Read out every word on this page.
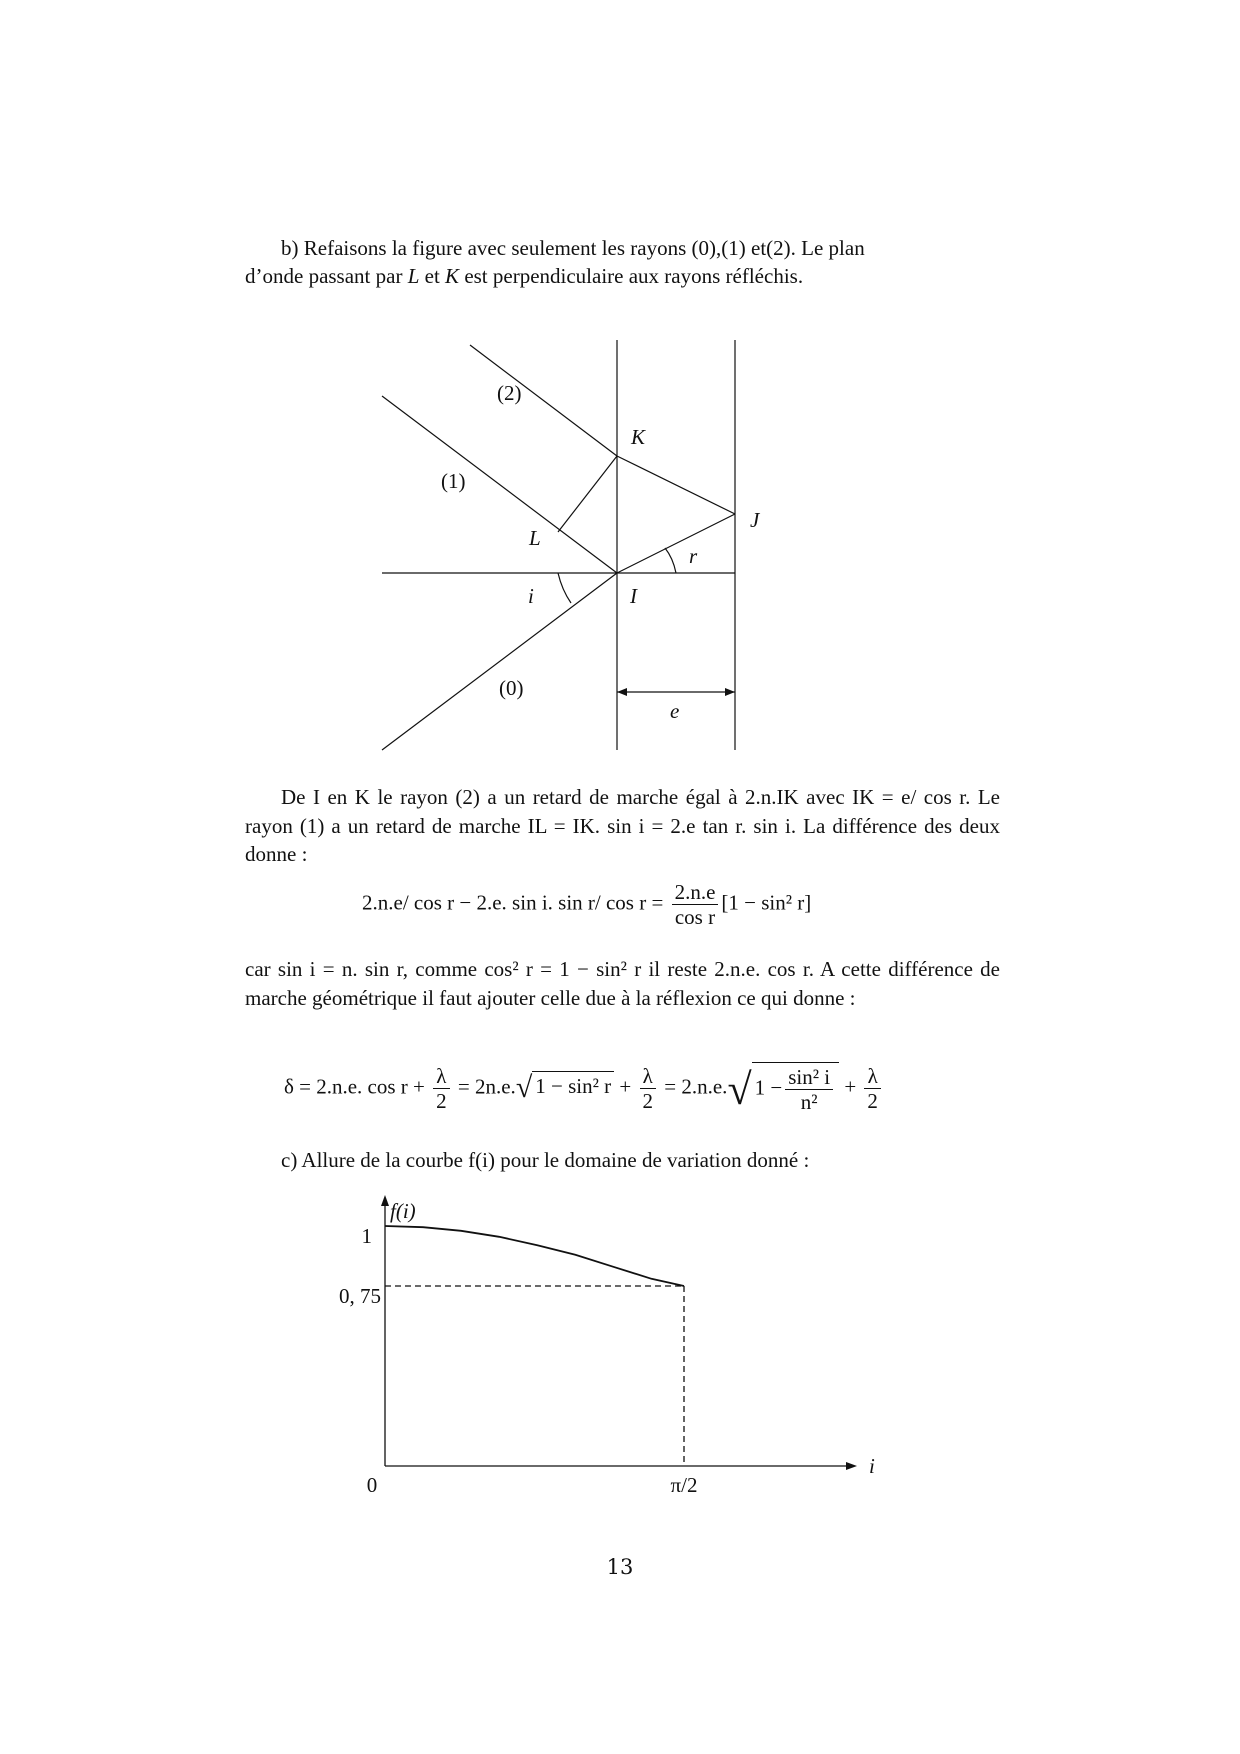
b) Refaisons la figure avec seulement les rayons (0),(1) et(2). Le plan
d’onde passant par L et K est perpendiculaire aux rayons réfléchis.
(2)
(1)
(0)
K
J
L
I
i
r
e
De I en K le rayon (2) a un retard de marche égal à 2.n.IK avec IK = e/ cos r. Le rayon (1) a un retard de marche IL = IK. sin i = 2.e tan r. sin i. La différence des deux donne :
2.n.e/ cos r − 2.e. sin i. sin r/ $\cos r = \frac{2.n.e}{\text{cos r}} [1 - \sin^2$ r]
car sin i = n. sin r, comme cos² r = 1 − sin² r il reste 2.n.e. cos r. A cette différence de marche géométrique il faut ajouter celle due à la réflexion ce qui donne :
δ = 2.n.e. $\cos r + \frac{\lambda}{2} = 2n.e.√$ 1 − sin² $r + \frac{\lambda}{2} = 2.n.e.√$ $1 - \frac{\text{sin² i}}{\text{n²}} + \frac{\lambda}{2}$
c) Allure de la courbe f(i) pour le domaine de variation donné :
f(i)
i
1
0, 75
0	π/2
13
